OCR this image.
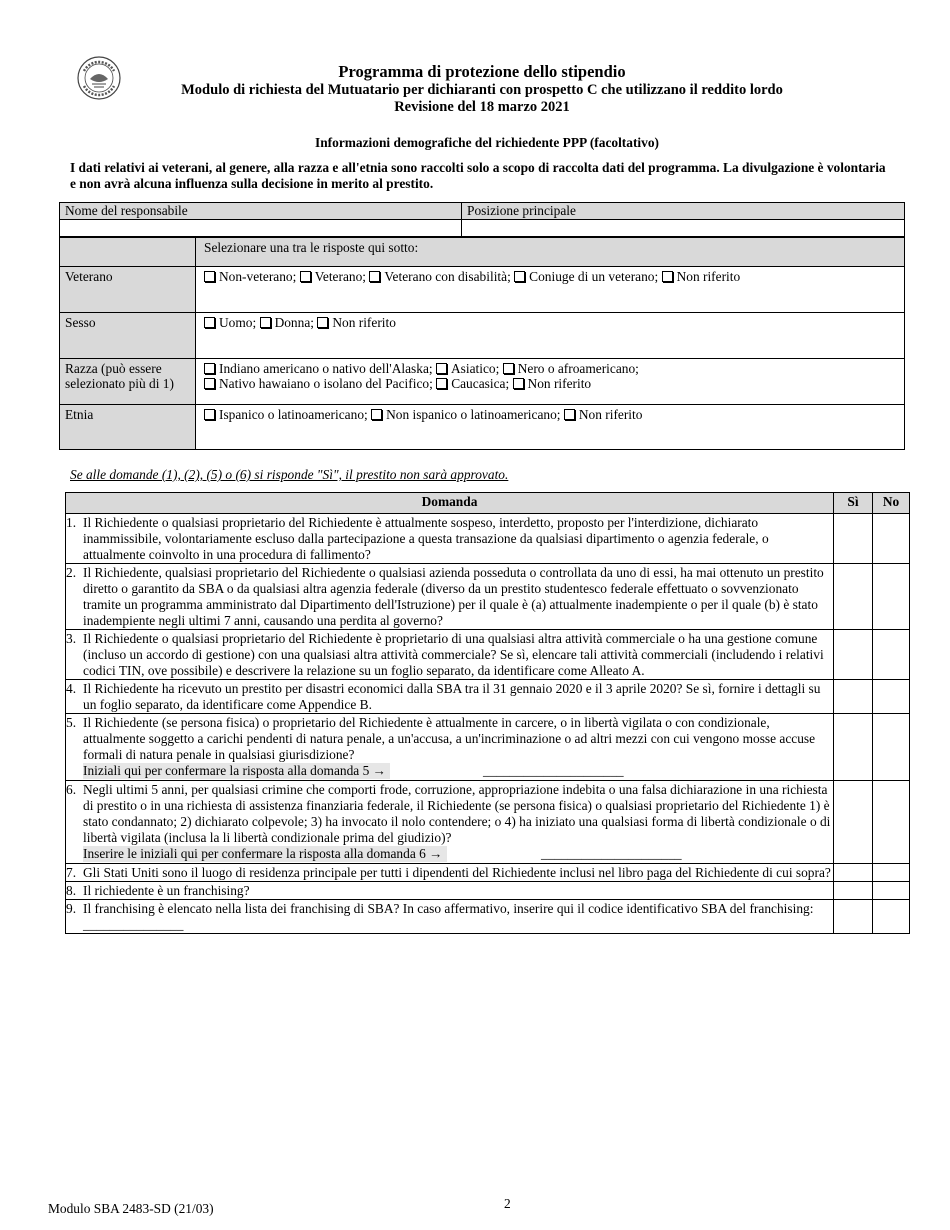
Programma di protezione dello stipendio
Modulo di richiesta del Mutuatario per dichiaranti con prospetto C che utilizzano il reddito lordo
Revisione del 18 marzo 2021
Informazioni demografiche del richiedente PPP (facoltativo)
I dati relativi ai veterani, al genere, alla razza e all'etnia sono raccolti solo a scopo di raccolta dati del programma. La divulgazione è volontaria e non avrà alcuna influenza sulla decisione in merito al prestito.
Nome del responsabile	Posizione principale

	Selezionare una tra le risposte qui sotto:
Veterano	Non-veterano; Veterano; Veterano con disabilità; Coniuge di un veterano; Non riferito
Sesso	Uomo; Donna; Non riferito
Razza (può essere selezionato più di 1)	Indiano americano o nativo dell'Alaska; Asiatico; Nero o afroamericano;
Nativo hawaiano o isolano del Pacifico; Caucasica; Non riferito

Etnia	Ispanico o latinoamericano; Non ispanico o latinoamericano; Non riferito
Se alle domande (1), (2), (5) o (6) si risponde "Sì", il prestito non sarà approvato.
Domanda	Sì	No

1. Il Richiedente o qualsiasi proprietario del Richiedente è attualmente sospeso, interdetto, proposto per l'interdizione, dichiarato inammissibile, volontariamente escluso dalla partecipazione a questa transazione da qualsiasi dipartimento o agenzia federale, o attualmente coinvolto in una procedura di fallimento?		

2. Il Richiedente, qualsiasi proprietario del Richiedente o qualsiasi azienda posseduta o controllata da uno di essi, ha mai ottenuto un prestito diretto o garantito da SBA o da qualsiasi altra agenzia federale (diverso da un prestito studentesco federale effettuato o sovvenzionato tramite un programma amministrato dal Dipartimento dell'Istruzione) per il quale è (a) attualmente inadempiente o per il quale (b) è stato inadempiente negli ultimi 7 anni, causando una perdita al governo?		

3. Il Richiedente o qualsiasi proprietario del Richiedente è proprietario di una qualsiasi altra attività commerciale o ha una gestione comune (incluso un accordo di gestione) con una qualsiasi altra attività commerciale? Se sì, elencare tali attività commerciali (includendo i relativi codici TIN, ove possibile) e descrivere la relazione su un foglio separato, da identificare come Alleato A.		

4. Il Richiedente ha ricevuto un prestito per disastri economici dalla SBA tra il 31 gennaio 2020 e il 3 aprile 2020? Se sì, fornire i dettagli su un foglio separato, da identificare come Appendice B.		

5. Il Richiedente (se persona fisica) o proprietario del Richiedente è attualmente in carcere, o in libertà vigilata o con condizionale, attualmente soggetto a carichi pendenti di natura penale, a un'accusa, a un'incriminazione o ad altri mezzi con cui vengono mosse accuse formali di natura penale in qualsiasi giurisdizione?
Iniziali qui per confermare la risposta alla domanda 5 → _____________________		

6. Negli ultimi 5 anni, per qualsiasi crimine che comporti frode, corruzione, appropriazione indebita o una falsa dichiarazione in una richiesta di prestito o in una richiesta di assistenza finanziaria federale, il Richiedente (se persona fisica) o qualsiasi proprietario del Richiedente 1) è stato condannato; 2) dichiarato colpevole; 3) ha invocato il nolo contendere; o 4) ha iniziato una qualsiasi forma di libertà condizionale o di libertà vigilata (inclusa la li libertà condizionale prima del giudizio)?
Inserire le iniziali qui per confermare la risposta alla domanda 6 → _____________________		

7. Gli Stati Uniti sono il luogo di residenza principale per tutti i dipendenti del Richiedente inclusi nel libro paga del Richiedente di cui sopra?		

8. Il richiedente è un franchising?		

9. Il franchising è elencato nella lista dei franchising di SBA? In caso affermativo, inserire qui il codice identificativo SBA del franchising: _______________		

Modulo SBA 2483-SD (21/03)	2
